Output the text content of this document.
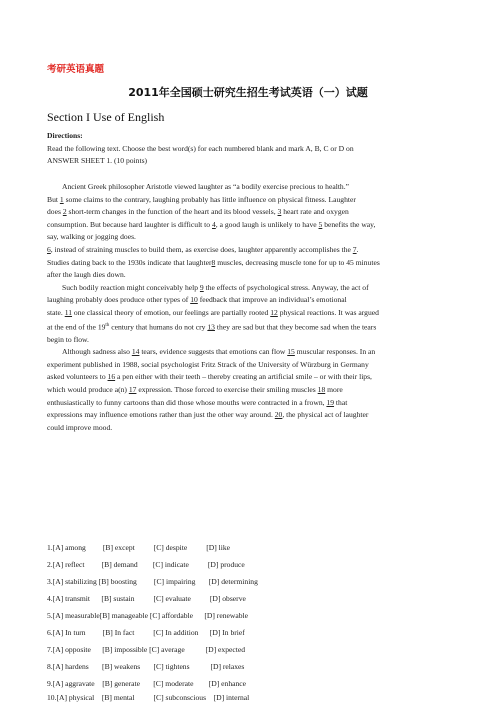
考研英语真题
2011年全国硕士研究生招生考试英语（一）试题
Section I Use of English
Directions:
Read the following text. Choose the best word(s) for each numbered blank and mark A, B, C or D on
ANSWER SHEET 1. (10 points)
Ancient Greek philosopher Aristotle viewed laughter as “a bodily exercise precious to health.”
But 1 some claims to the contrary, laughing probably has little influence on physical fitness. Laughter
does 2 short-term changes in the function of the heart and its blood vessels, 3 heart rate and oxygen
consumption. But because hard laughter is difficult to 4, a good laugh is unlikely to have 5 benefits the way,
say, walking or jogging does.
6, instead of straining muscles to build them, as exercise does, laughter apparently accomplishes the 7.
Studies dating back to the 1930s indicate that laughter8 muscles, decreasing muscle tone for up to 45 minutes
after the laugh dies down.
Such bodily reaction might conceivably help 9 the effects of psychological stress. Anyway, the act of
laughing probably does produce other types of 10 feedback that improve an individual’s emotional
state. 11 one classical theory of emotion, our feelings are partially rooted 12 physical reactions. It was argued
at the end of the 19th century that humans do not cry 13 they are sad but that they become sad when the tears
begin to flow.
Although sadness also 14 tears, evidence suggests that emotions can flow 15 muscular responses. In an
experiment published in 1988, social psychologist Fritz Strack of the University of Würzburg in Germany
asked volunteers to 16 a pen either with their teeth – thereby creating an artificial smile – or with their lips,
which would produce a(n) 17 expression. Those forced to exercise their smiling muscles 18 more
enthusiastically to funny cartoons than did those whose mouths were contracted in a frown, 19 that
expressions may influence emotions rather than just the other way around. 20, the physical act of laughter
could improve mood.
1.[A] among         [B] except          [C] despite          [D] like
2.[A] reflect         [B] demand        [C] indicate          [D] produce
3.[A] stabilizing [B] boosting         [C] impairing       [D] determining
4.[A] transmit      [B] sustain          [C] evaluate          [D] observe
5.[A] measurable[B] manageable [C] affordable      [D] renewable
6.[A] In turn         [B] In fact          [C] In addition      [D] In brief
7.[A] opposite      [B] impossible [C] average           [D] expected
8.[A] hardens       [B] weakens       [C] tightens           [D] relaxes
9.[A] aggravate    [B] generate       [C] moderate        [D] enhance
10.[A] physical    [B] mental          [C] subconscious    [D] internal
